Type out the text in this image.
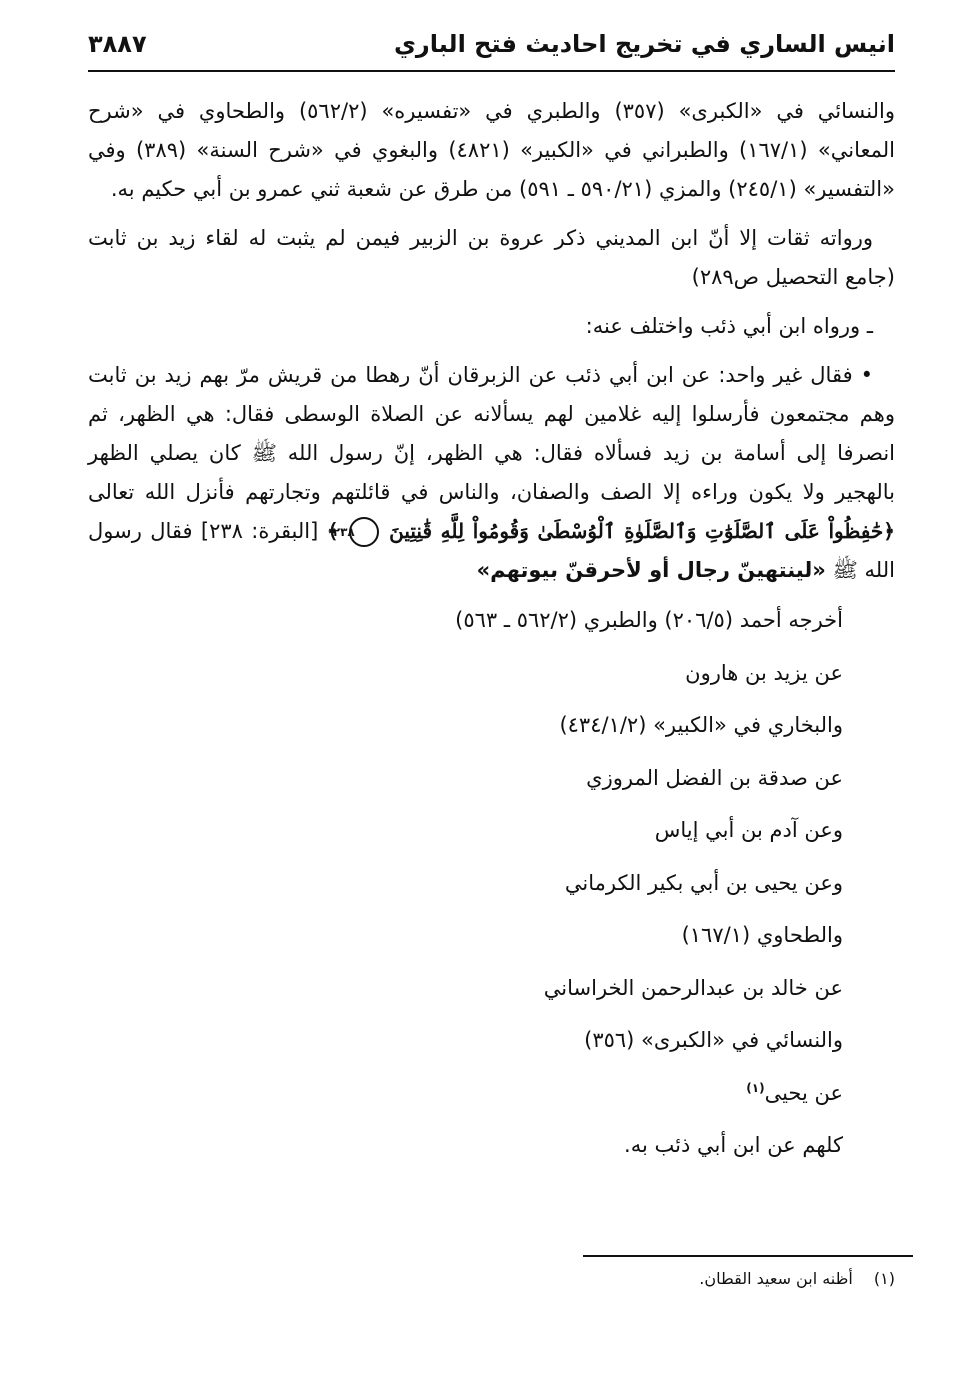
انيس الساري في تخريج احاديث فتح الباري
٣٨٨٧

والنسائي في «الكبرى» (٣٥٧) والطبري في «تفسيره» (٥٦٢/٢) والطحاوي في «شرح المعاني» (١٦٧/١) والطبراني في «الكبير» (٤٨٢١) والبغوي في «شرح السنة» (٣٨٩) وفي «التفسير» (٢٤٥/١) والمزي (٥٩٠/٢١ ـ ٥٩١) من طرق عن شعبة ثني عمرو بن أبي حكيم به.

ورواته ثقات إلا أنّ ابن المديني ذكر عروة بن الزبير فيمن لم يثبت له لقاء زيد بن ثابت (جامع التحصيل ص٢٨٩)

ـ ورواه ابن أبي ذئب واختلف عنه:

• فقال غير واحد: عن ابن أبي ذئب عن الزبرقان أنّ رهطا من قريش مرّ بهم زيد بن ثابت وهم مجتمعون فأرسلوا إليه غلامين لهم يسألانه عن الصلاة الوسطى فقال: هي الظهر، ثم انصرفا إلى أسامة بن زيد فسألاه فقال: هي الظهر، إنّ رسول الله ﷺ كان يصلي الظهر بالهجير ولا يكون وراءه إلا الصف والصفان، والناس في قائلتهم وتجارتهم فأنزل الله تعالى ﴿حَٰفِظُواْ عَلَى ٱلصَّلَوَٰتِ وَٱلصَّلَوٰةِ ٱلْوُسْطَىٰ وَقُومُواْ لِلَّهِ قَٰنِتِينَ ٢٣٨ ﴾ [البقرة: ٢٣٨] فقال رسول الله ﷺ «لينتهينّ رجال أو لأحرقنّ بيوتهم»

أخرجه أحمد (٢٠٦/٥) والطبري (٥٦٢/٢ ـ ٥٦٣)
عن يزيد بن هارون
والبخاري في «الكبير» (٤٣٤/١/٢)
عن صدقة بن الفضل المروزي
وعن آدم بن أبي إياس
وعن يحيى بن أبي بكير الكرماني
والطحاوي (١٦٧/١)
عن خالد بن عبدالرحمن الخراساني
والنسائي في «الكبرى» (٣٥٦)
عن يحيى$^{(١)}$
كلهم عن ابن أبي ذئب به.
(١) أظنه ابن سعيد القطان.
